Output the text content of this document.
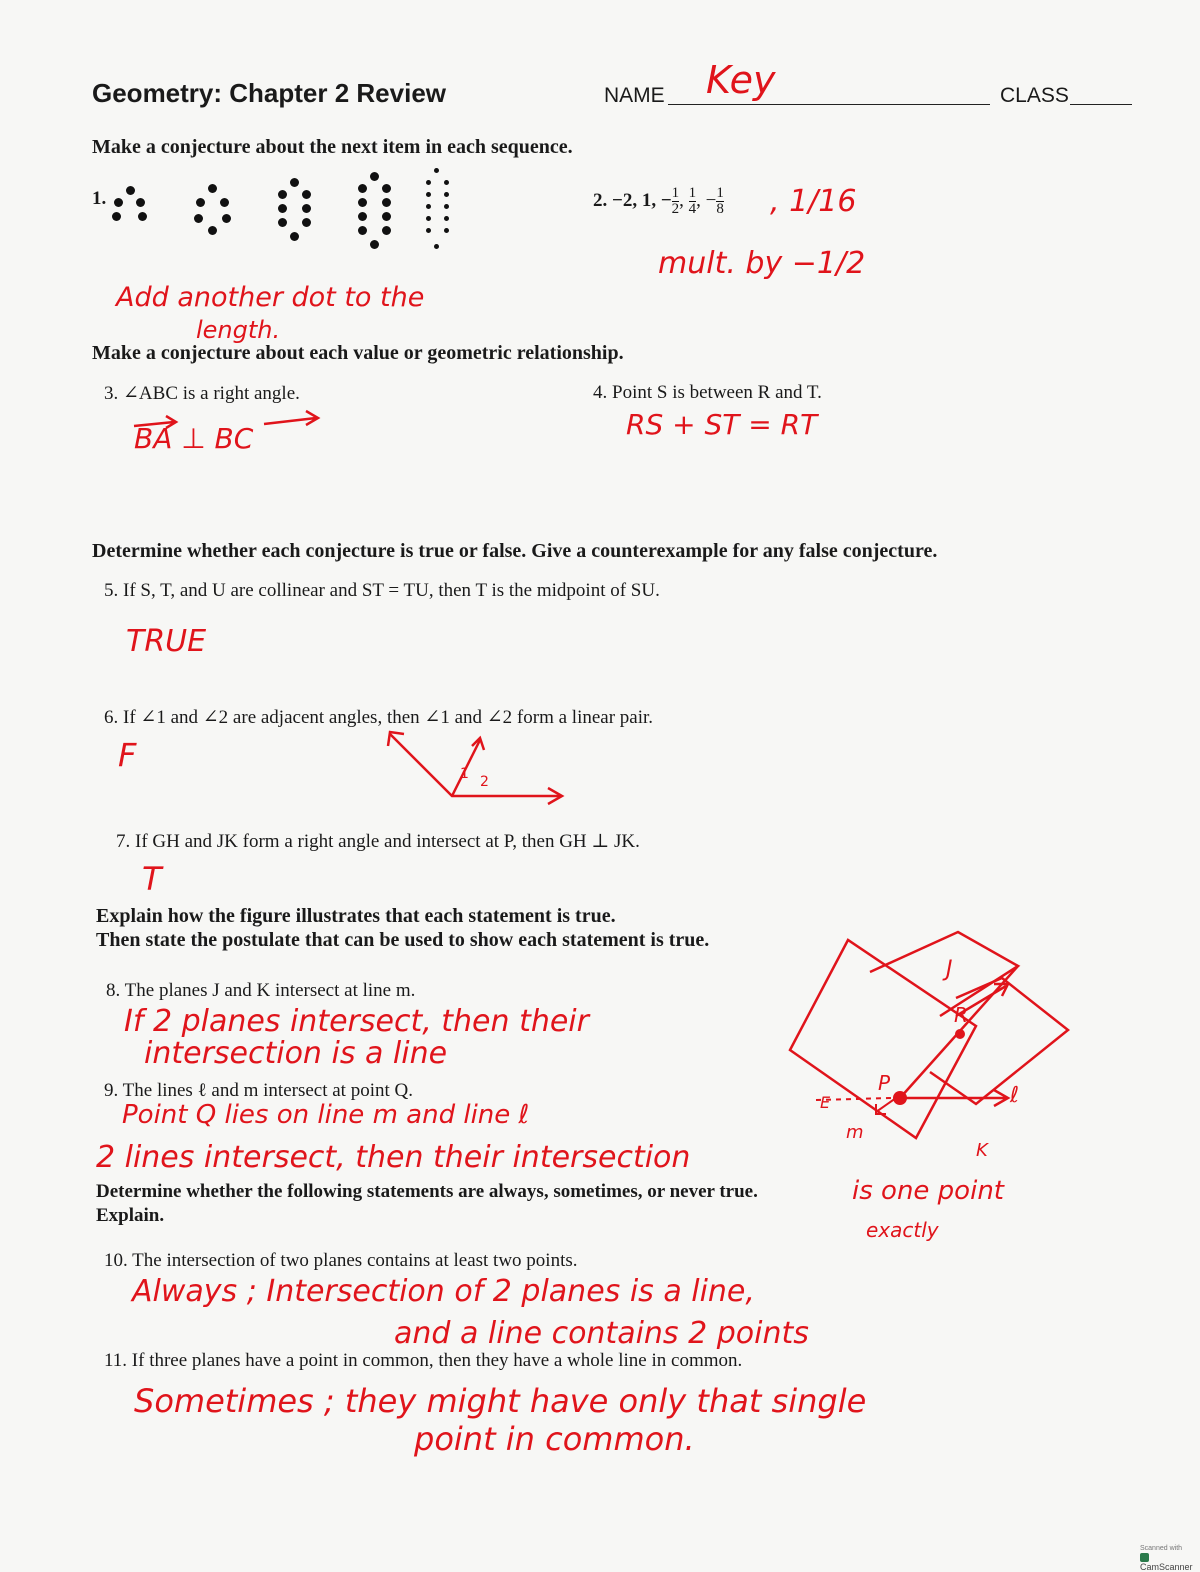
Geometry: Chapter 2 Review	NAME Key	CLASS
Make a conjecture about the next item in each sequence.
1.
Add another dot to the
length.
2. −2, 1, − 1
2, 1
4, − 1
8 , 1/16
mult. by −1/2
Make a conjecture about each value or geometric relationship.
3. ∠ABC is a right angle.
BA ⊥ BC
4. Point S is between R and T.
RS + ST = RT
Determine whether each conjecture is true or false. Give a counterexample for any false conjecture.
5. If S, T, and U are collinear and ST = TU, then T is the midpoint of SU.
TRUE
6. If ∠1 and ∠2 are adjacent angles, then ∠1 and ∠2 form a linear pair.
F	1 2
7. If GH and JK form a right angle and intersect at P, then GH ⊥ JK.
T
Explain how the figure illustrates that each statement is true.
Then state the postulate that can be used to show each statement is true.
8. The planes J and K intersect at line m.
If 2 planes intersect, then their
intersection is a line
9. The lines ℓ and m intersect at point Q.
Point Q lies on line m and line ℓ
2 lines intersect, then their intersection
is one point
exactly
J
R
P
m
ℓ
K
E
Determine whether the following statements are always, sometimes, or never true.
Explain.
10. The intersection of two planes contains at least two points.
Always ; Intersection of 2 planes is a line,
and a line contains 2 points
11. If three planes have a point in common, then they have a whole line in common.
Sometimes ; they might have only that single
point in common.
Scanned with
CamScanner
